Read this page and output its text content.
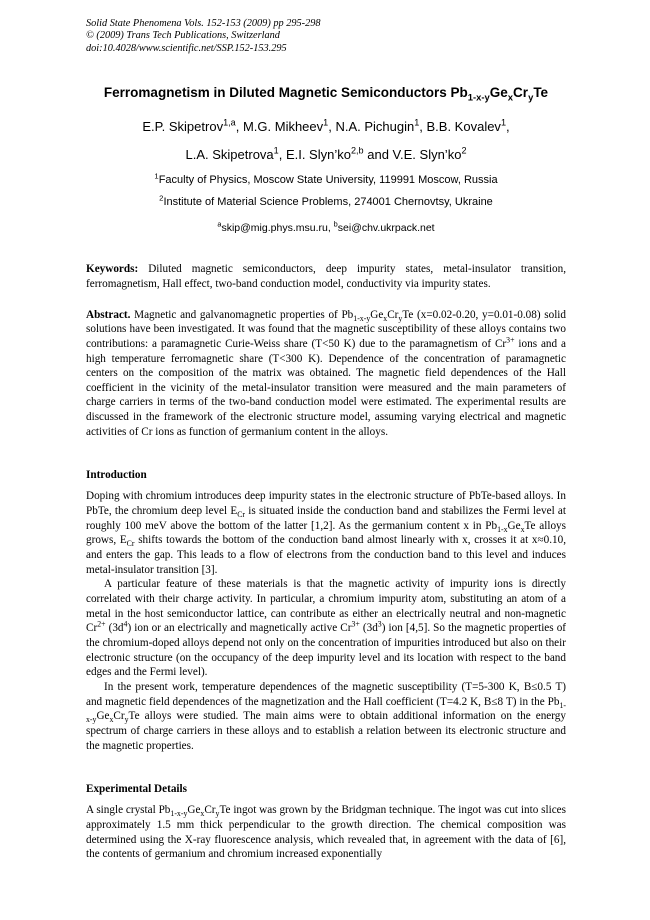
Solid State Phenomena Vols. 152-153 (2009) pp 295-298
© (2009) Trans Tech Publications, Switzerland
doi:10.4028/www.scientific.net/SSP.152-153.295
Ferromagnetism in Diluted Magnetic Semiconductors $Pb_{1-x-y}Ge_xCr_yTe$
E.P. Skipetrov$^{1,a}$, M.G. Mikheev$^1$, N.A. Pichugin$^1$, B.B. Kovalev$^1$,
L.A. Skipetrova$^1$, E.I. Slyn’ko$^{2,b}$ and V.E. $Slyn’ko^2$
$^1$Faculty of Physics, Moscow State University, 119991 Moscow, Russia
$^2$Institute of Material Science Problems, 274001 Chernovtsy, Ukraine
$^a$skip@mig.phys.msu.ru, $^b$sei@chv.ukrpack.net

Keywords: Diluted magnetic semiconductors, deep impurity states, metal-insulator transition, ferromagnetism, Hall effect, two-band conduction model, conductivity via impurity states.

Abstract. Magnetic and galvanomagnetic properties of $Pb_{1-x-y}Ge_xCr_yTe$ (x=0.02-0.20, y=0.01-0.08) solid solutions have been investigated. It was found that the magnetic susceptibility of these alloys contains two contributions: a paramagnetic Curie-Weiss share (T<50 K) due to the paramagnetism of $Cr^{3+}$ ions and a high temperature ferromagnetic share (T<300 K). Dependence of the concentration of paramagnetic centers on the composition of the matrix was obtained. The magnetic field dependences of the Hall coefficient in the vicinity of the metal-insulator transition were measured and the main parameters of charge carriers in terms of the two-band conduction model were estimated. The experimental results are discussed in the framework of the electronic structure model, assuming varying electrical and magnetic activities of Cr ions as function of germanium content in the alloys.

Introduction

Doping with chromium introduces deep impurity states in the electronic structure of PbTe-based alloys. In PbTe, the chromium deep level $E_{Cr}$ is situated inside the conduction band and stabilizes the Fermi level at roughly 100 meV above the bottom of the latter [1,2]. As the germanium content x in $Pb_{1-x}Ge_xTe$ alloys grows, $E_{Cr}$ shifts towards the bottom of the conduction band almost linearly with x, crosses it at x≈0.10, and enters the gap. This leads to a flow of electrons from the conduction band to this level and induces metal-insulator transition [3].

A particular feature of these materials is that the magnetic activity of impurity ions is directly correlated with their charge activity. In particular, a chromium impurity atom, substituting an atom of a metal in the host semiconductor lattice, can contribute as either an electrically neutral and non-magnetic $Cr^{2+}$ $(3d^4)$ ion or an electrically and magnetically active $Cr^{3+}$ $(3d^3)$ ion [4,5]. So the magnetic properties of the chromium-doped alloys depend not only on the concentration of impurities introduced but also on their electronic structure (on the occupancy of the deep impurity level and its location with respect to the band edges and the Fermi level).

In the present work, temperature dependences of the magnetic susceptibility (T=5-300 K, B≤0.5 T) and magnetic field dependences of the magnetization and the Hall coefficient (T=4.2 K, B≤8 T) in the $Pb_{1-x-y}Ge_xCr_yTe$ alloys were studied. The main aims were to obtain additional information on the energy spectrum of charge carriers in these alloys and to establish a relation between its electronic structure and the magnetic properties.

Experimental Details

A single crystal $Pb_{1-x-y}Ge_xCr_yTe$ ingot was grown by the Bridgman technique. The ingot was cut into slices approximately 1.5 mm thick perpendicular to the growth direction. The chemical composition was determined using the X-ray fluorescence analysis, which revealed that, in agreement with the data of [6], the contents of germanium and chromium increased exponentially
